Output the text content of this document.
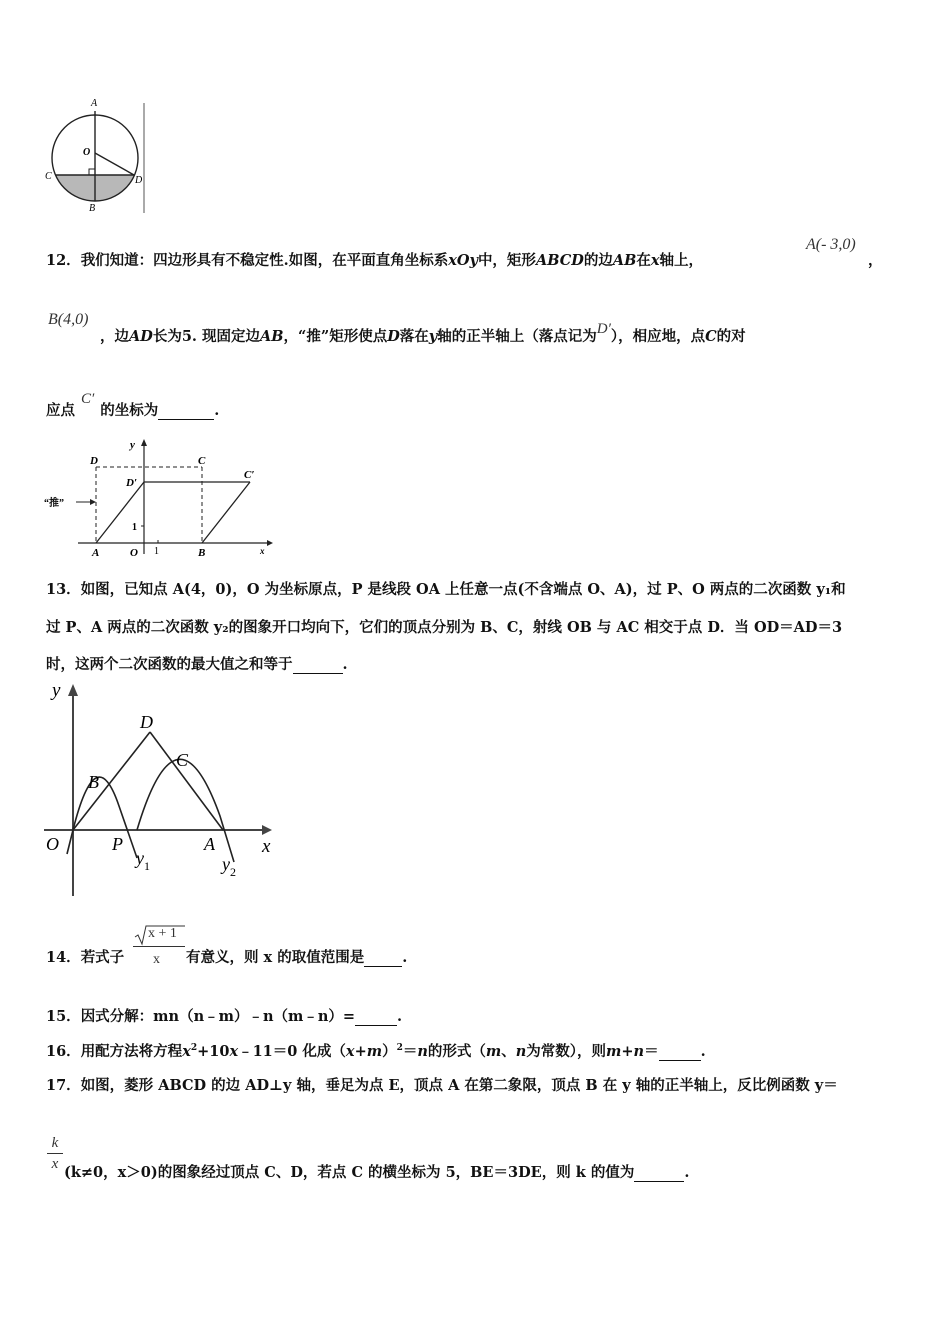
A
O
C	D
B
12．我们知道：四边形具有不稳定性.如图，在平面直角坐标系xOy中，矩形ABCD的边AB在x轴上，
A(- 3,0)
，
B(4,0)
，边AD长为5. 现固定边AB，“推”矩形使点D落在y轴的正半轴上（落点记为D′），相应地，点C的对
应点C′的坐标为	.
y
D	C
D′
C′
“推”
1
A	O 1	B	x
13．如图，已知点 A(4，0)，O 为坐标原点，P 是线段 OA 上任意一点(不含端点 O、A)，过 P、O 两点的二次函数 y₁和
过 P、A 两点的二次函数 y₂的图象开口均向下，它们的顶点分别为 B、C，射线 OB 与 AC 相交于点 D．当 OD＝AD＝3
时，这两个二次函数的最大值之和等于	.
y
x
O	P	A
B
C
D
$y_1$	$y_2$
14．若式子
x + 1
x 有意义，则 x 的取值范围是	.
15．因式分解：mn（n﹣m）﹣n（m﹣n）=	.
16．用配方法将方程$x^2+10x﹣11=0$ 化成$(x+m)^2=n$的形式（m、n为常数），则m+n＝	.
17．如图，菱形 ABCD 的边 AD⊥y 轴，垂足为点 E，顶点 A 在第二象限，顶点 B 在 y 轴的正半轴上，反比例函数 y＝
k
x (k≠0，x＞0)的图象经过顶点 C、D，若点 C 的横坐标为 5，BE＝3DE，则 k 的值为	.
